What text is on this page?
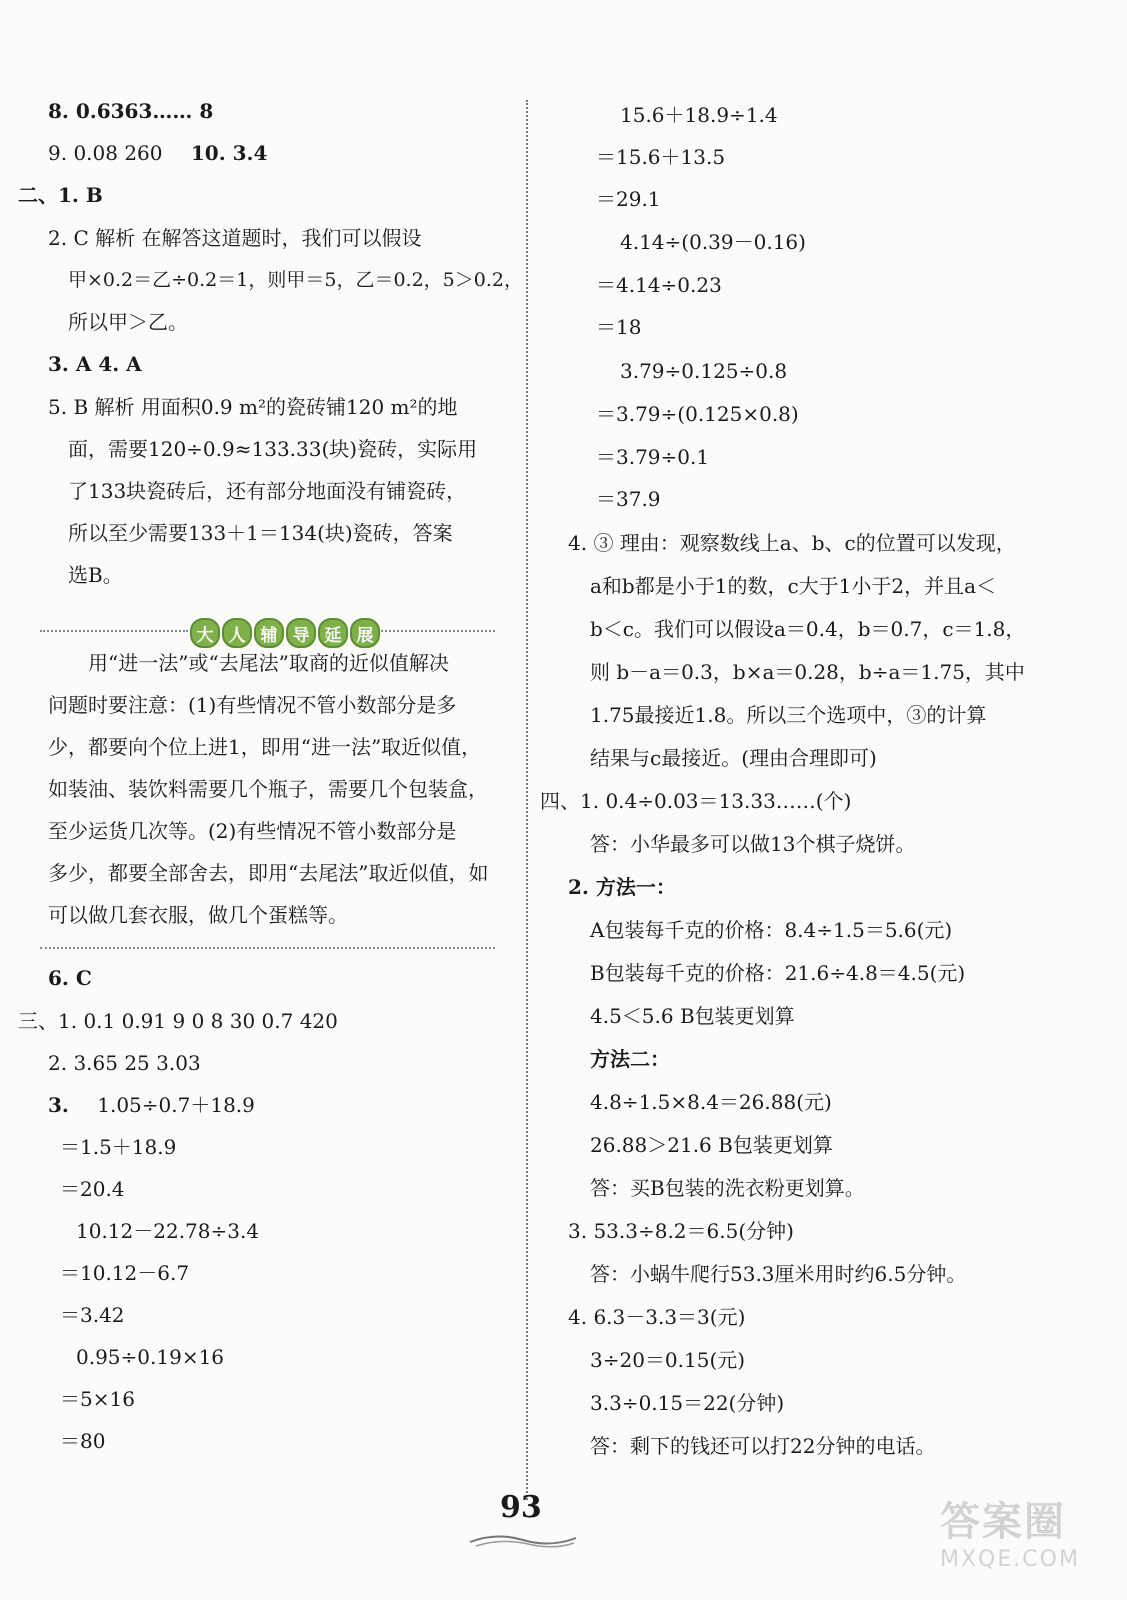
8. 0.6363…… 8
9. 0.08 260 10. 3.4
二、1. B
2. C 解析 在解答这道题时，我们可以假设
甲×0.2＝乙÷0.2＝1，则甲＝5，乙＝0.2，5＞0.2，
所以甲＞乙。
3. A 4. A
5. B 解析 用面积0.9 m²的瓷砖铺120 m²的地
面，需要120÷0.9≈133.33(块)瓷砖，实际用
了133块瓷砖后，还有部分地面没有铺瓷砖，
所以至少需要133＋1＝134(块)瓷砖，答案
选B。
大 人 辅 导 延 展
用“进一法”或“去尾法”取商的近似值解决
问题时要注意：(1)有些情况不管小数部分是多
少，都要向个位上进1，即用“进一法”取近似值，
如装油、装饮料需要几个瓶子，需要几个包装盒，
至少运货几次等。(2)有些情况不管小数部分是
多少，都要全部舍去，即用“去尾法”取近似值，如
可以做几套衣服，做几个蛋糕等。
6. C
三、1. 0.1 0.91 9 0 8 30 0.7 420
2. 3.65 25 3.03
3. 1.05÷0.7＋18.9
＝1.5＋18.9
＝20.4
10.12－22.78÷3.4
＝10.12－6.7
＝3.42
0.95÷0.19×16
＝5×16
＝80
15.6＋18.9÷1.4
＝15.6＋13.5
＝29.1
4.14÷(0.39－0.16)
＝4.14÷0.23
＝18
3.79÷0.125÷0.8
＝3.79÷(0.125×0.8)
＝3.79÷0.1
＝37.9
4. ③ 理由：观察数线上a、b、c的位置可以发现，
a和b都是小于1的数，c大于1小于2，并且a＜
b＜c。我们可以假设a＝0.4，b＝0.7，c＝1.8，
则 b－a＝0.3，b×a＝0.28，b÷a＝1.75，其中
1.75最接近1.8。所以三个选项中，③的计算
结果与c最接近。(理由合理即可)
四、1. 0.4÷0.03＝13.33……(个)
答：小华最多可以做13个棋子烧饼。
2. 方法一：
A包装每千克的价格：8.4÷1.5＝5.6(元)
B包装每千克的价格：21.6÷4.8＝4.5(元)
4.5＜5.6 B包装更划算
方法二：
4.8÷1.5×8.4＝26.88(元)
26.88＞21.6 B包装更划算
答：买B包装的洗衣粉更划算。
3. 53.3÷8.2＝6.5(分钟)
答：小蜗牛爬行53.3厘米用时约6.5分钟。
4. 6.3－3.3＝3(元)
3÷20＝0.15(元)
3.3÷0.15＝22(分钟)
答：剩下的钱还可以打22分钟的电话。
93	答案圈
MXQE.COM
